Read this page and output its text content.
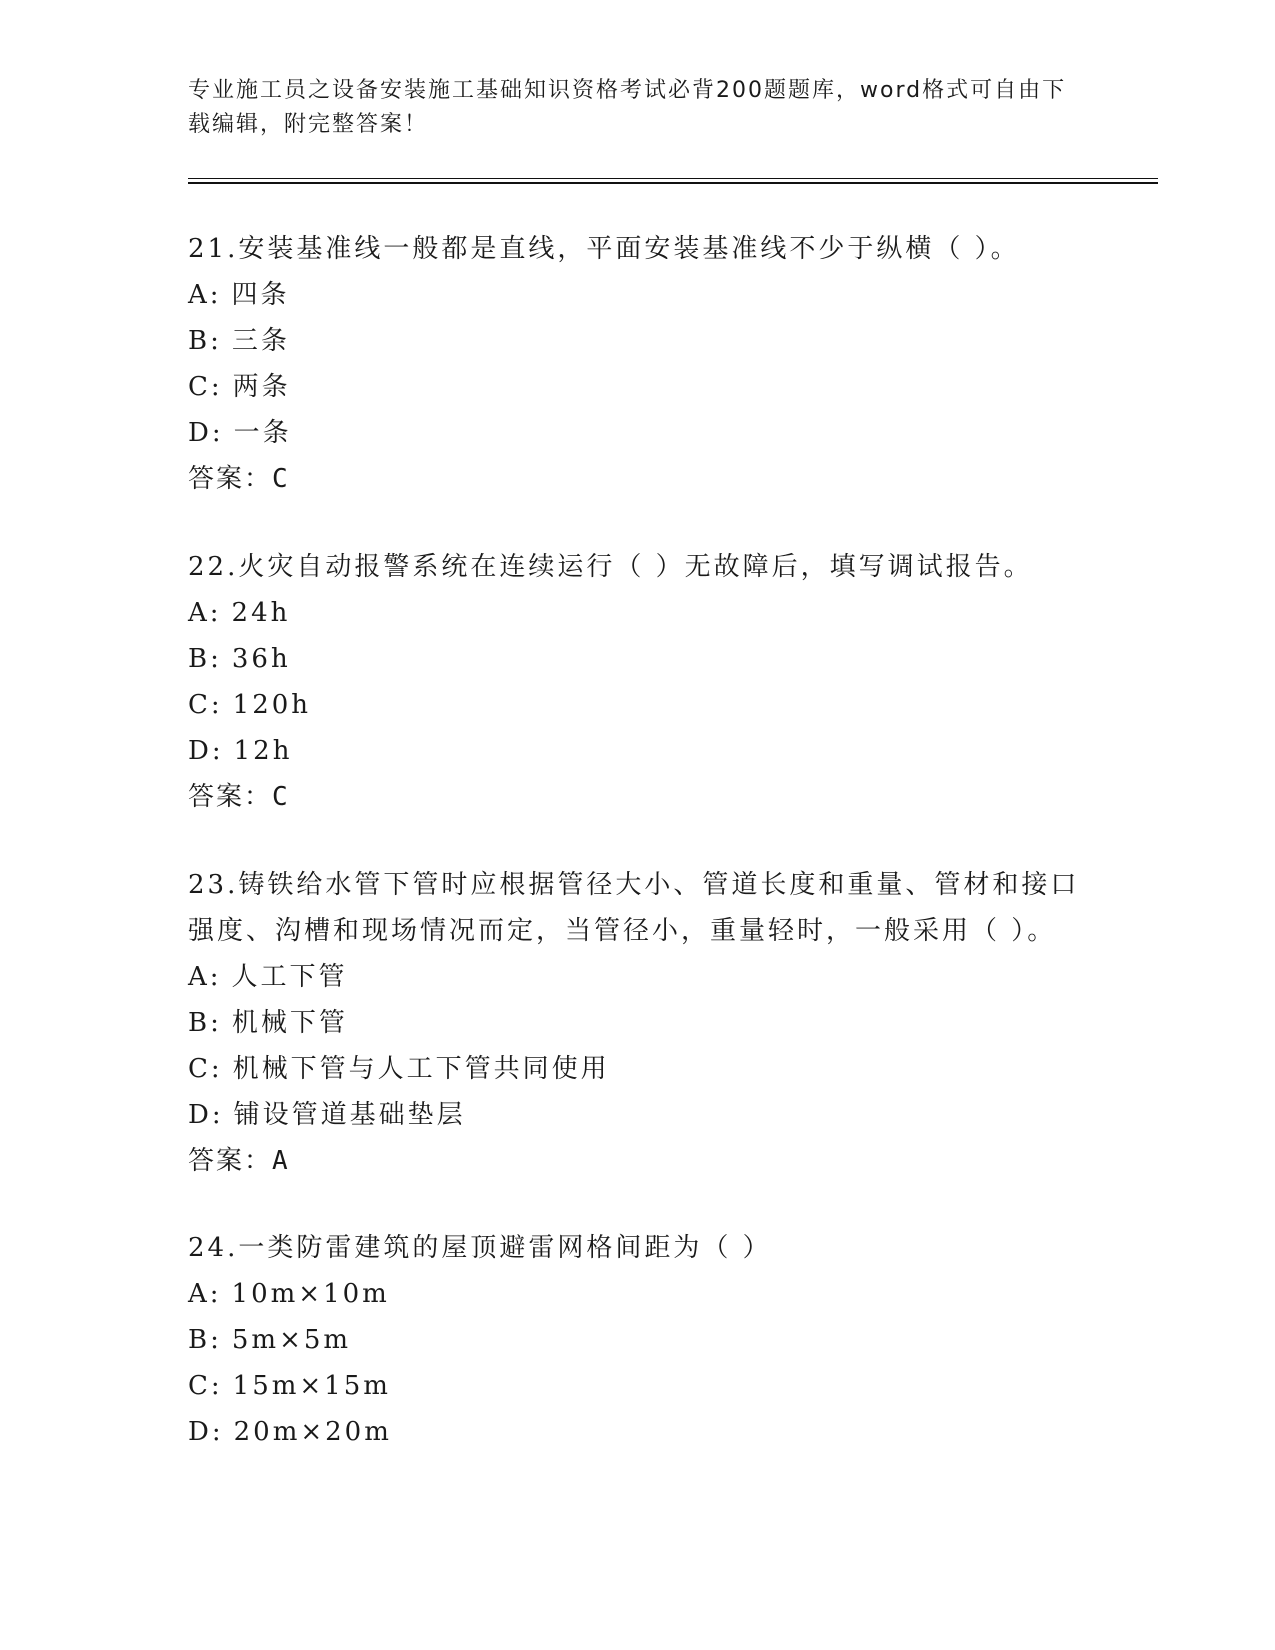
专业施工员之设备安装施工基础知识资格考试必背200题题库，word格式可自由下载编辑，附完整答案！

21.安装基准线一般都是直线，平面安装基准线不少于纵横（ ）。

A: 四条

B: 三条

C: 两条

D: 一条

答案：C

22.火灾自动报警系统在连续运行（ ）无故障后，填写调试报告。

A: 24h

B: 36h

C: 120h

D: 12h

答案：C

23.铸铁给水管下管时应根据管径大小、管道长度和重量、管材和接口强度、沟槽和现场情况而定，当管径小，重量轻时，一般采用（ ）。

A: 人工下管

B: 机械下管

C: 机械下管与人工下管共同使用

D: 铺设管道基础垫层

答案：A

24.一类防雷建筑的屋顶避雷网格间距为（ ）

A: 10m×10m

B: 5m×5m

C: 15m×15m

D: 20m×20m
